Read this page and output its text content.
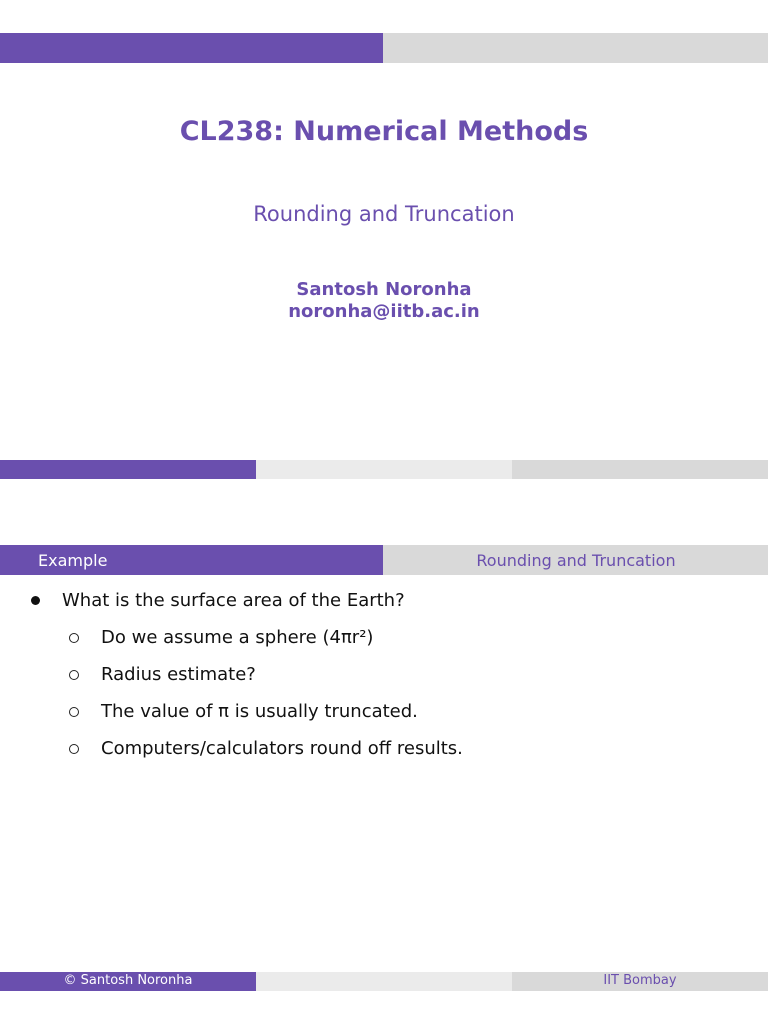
CL238: Numerical Methods
Rounding and Truncation
Santosh Noronha
noronha@iitb.ac.in
Example	Rounding and Truncation
What is the surface area of the Earth?
Do we assume a sphere (4πr²)
Radius estimate?
The value of π is usually truncated.
Computers/calculators round off results.
© Santosh Noronha	IIT Bombay
